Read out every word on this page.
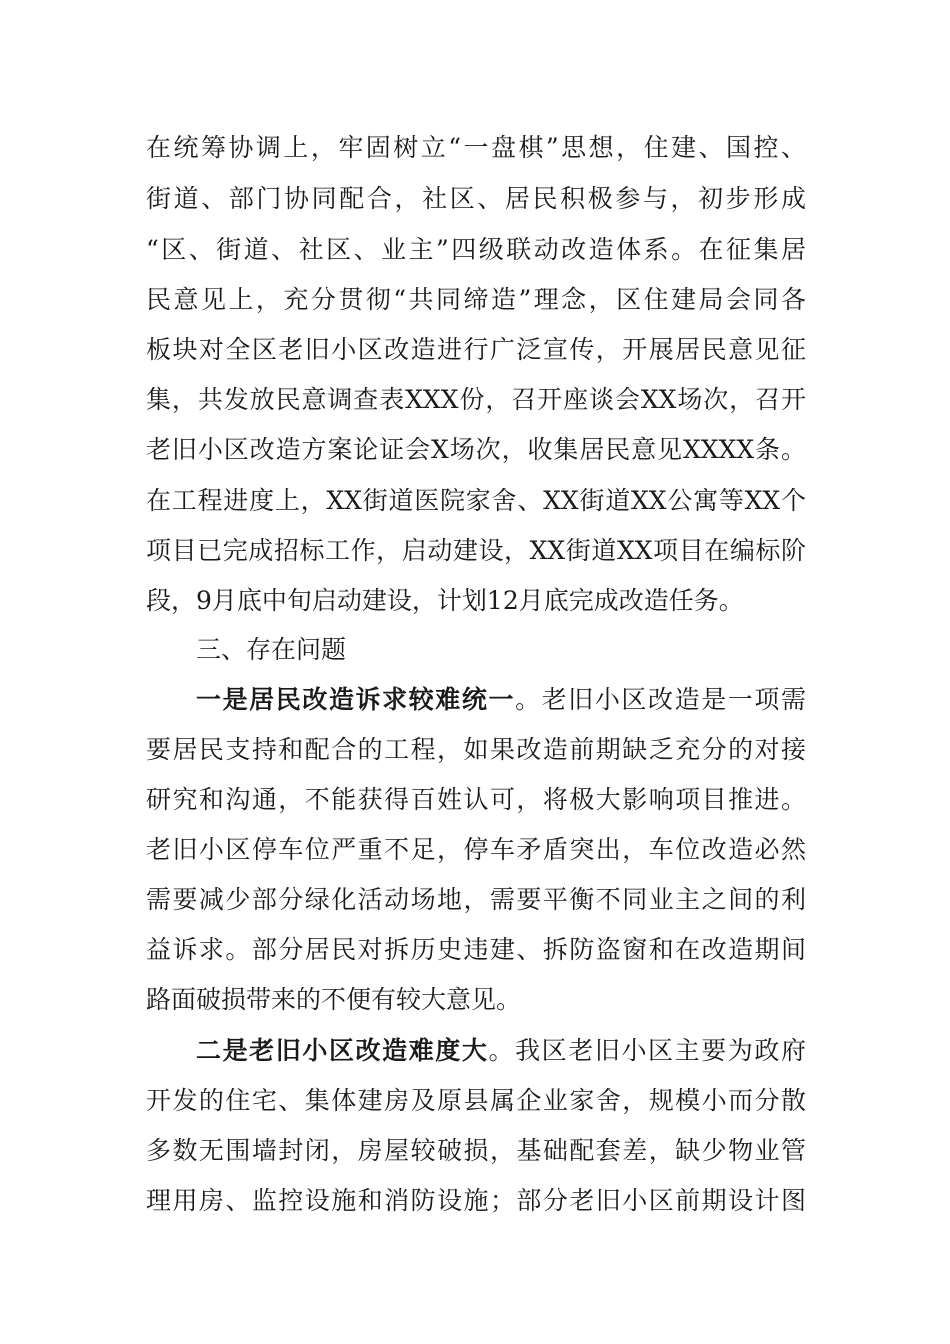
在统筹协调上，牢固树立“一盘棋”思想，住建、国控、
街道、部门协同配合，社区、居民积极参与，初步形成
“区、街道、社区、业主”四级联动改造体系。在征集居
民意见上，充分贯彻“共同缔造”理念，区住建局会同各
板块对全区老旧小区改造进行广泛宣传，开展居民意见征
集，共发放民意调查表XXX份，召开座谈会XX场次，召开
老旧小区改造方案论证会X场次，收集居民意见XXXX条。
在工程进度上，XX街道医院家舍、XX街道XX公寓等XX个
项目已完成招标工作，启动建设，XX街道XX项目在编标阶
段，9月底中旬启动建设，计划12月底完成改造任务。
三、存在问题
一是居民改造诉求较难统一。老旧小区改造是一项需
要居民支持和配合的工程，如果改造前期缺乏充分的对接
研究和沟通，不能获得百姓认可，将极大影响项目推进。
老旧小区停车位严重不足，停车矛盾突出，车位改造必然
需要减少部分绿化活动场地，需要平衡不同业主之间的利
益诉求。部分居民对拆历史违建、拆防盗窗和在改造期间
路面破损带来的不便有较大意见。
二是老旧小区改造难度大。我区老旧小区主要为政府
开发的住宅、集体建房及原县属企业家舍，规模小而分散
多数无围墙封闭，房屋较破损，基础配套差，缺少物业管
理用房、监控设施和消防设施；部分老旧小区前期设计图
